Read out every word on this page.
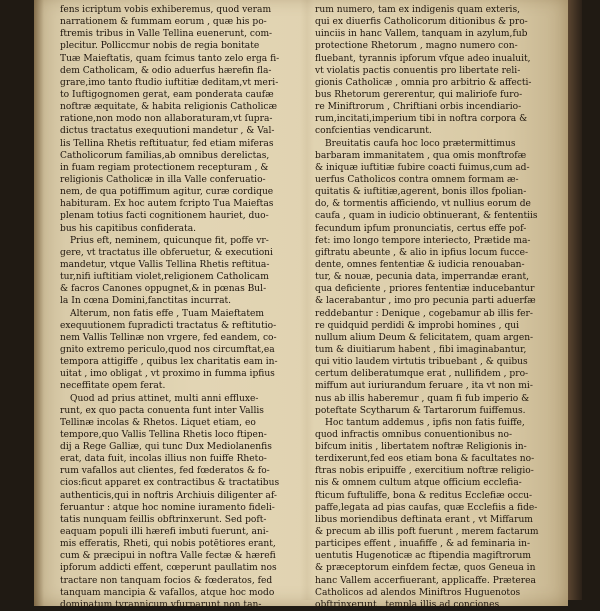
fens icriptum vobis exhiberemus, quod veram
narrationem & fummam eorum , quæ his po-
ftremis tribus in Valle Tellina euenerunt, com-
plecitur. Polliccmur nobis de regia bonitate
Tuæ Maieftatis, quam fcimus tanto zelo erga fi-
dem Catholicam, & odio aduerfus hærefin fla-
grare,imo tanto ftudio iuftitiæ deditam,vt meri-
to Iuftigognomen gerat, eam ponderata caufæ
noftræ æquitate, & habita religionis Catholicæ
ratione,non modo non allaboraturam,vt ſupra-
dictus tractatus exequutioni mandetur , & Val-
lis Tellina Rhetis reftituatur, fed etiam miferas
Catholicorum familias,ab omnibus derelictas,
in fuam regiam protectionem recepturam , &
religionis Catholicæ in illa Valle conferuatio-
nem, de qua potiffimum agitur, curæ cordique
habituram. Ex hoc autem fcripto Tua Maieftas
plenam totius facti cognitionem hauriet, duo-
bus his capitibus confiderata.
Prius eft, neminem, quicunque fit, poffe vr-
gere, vt tractatus ille obferuetur, & executioni
mandetur, vtque Vallis Tellina Rhetis reftitua-
tur,nifi iuftitiam violet,religionem Catholicam
& facros Canones oppugnet,& in pœnas Bul-
la In cœna Domini,fanctitas incurrat.
Alterum, non fatis effe , Tuam Maieftatem
exequutionem fupradicti tractatus & reftitutio-
nem Vallis Tellinæ non vrgere, fed eandem, co-
gnito extremo periculo,quod nos circumftat,ea
tempora attigiffe , quibus lex charitatis eam in-
uitat , imo obligat , vt proximo in fumma ipfius
neceffitate opem ferat.
Quod ad prius attinet, multi anni effluxe-
runt, ex quo pacta conuenta funt inter Vallis
Tellinæ incolas & Rhetos. Liquet etiam, eo
tempore,quo Vallis Tellina Rhetis loco ftipen-
dij a Rege Galliæ, qui tunc Dux Mediolanenfis
erat, data fuit, incolas illius non fuiffe Rheto-
rum vafallos aut clientes, fed fœderatos & fo-
cios:ficut apparet ex contractibus & tractatibus
authenticis,qui in noftris Archiuis diligenter af-
feruantur : atque hoc nomine iuramento fideli-
tatis nunquam feillis obftrinxerunt. Sed poft-
eaquam populi illi hærefi imbuti fuerunt, ani-
mis efferatis, Rheti, qui nobis potētiores erant,
cum & præcipui in noftra Valle fectæ & hærefi
ipforum addicti effent, cœperunt paullatim nos
tractare non tanquam focios & fœderatos, fed
tanquam mancipia & vafallos, atque hoc modo
dominatum tyrannicum vfurparunt non tan-
rum numero, tam ex indigenis quam exteris,
qui ex diuerfis Catholicorum ditionibus & pro-
uinciis in hanc Vallem, tanquam in azylum,fub
protectione Rhetorum , magno numero con-
fluebant, tyrannis ipforum vfque adeo inualuit,
vt violatis pactis conuentis pro libertate reli-
gionis Catholicæ , omnia pro arbitrio & affecti-
bus Rhetorum gererentur, qui maliriofe furo-
re Miniftrorum , Chriftiani orbis incendiario-
rum,incitati,imperium tibi in noftra corpora &
confcientias vendicarunt.
Breuitatis caufa hoc loco prætermittimus
barbaram immanitatem , qua omis monftrofæ
& iniquæ iuftitiæ fubire coacti fuimus,cum ad-
uerfus Catholicos contra omnem formam æ-
quitatis & iuftitiæ,agerent, bonis illos fpolian-
do, & tormentis afficiendo, vt nullius eorum de
caufa , quam in iudicio obtinuerant, & fententiis
fecundum ipfum pronunciatis, certus effe pof-
fet: imo longo tempore interiecto, Prætide ma-
giftratu abeunte , & alio in ipfius locum fucce-
dente, omnes fententiæ & iudicia renouaban-
tur, & nouæ, pecunia data, imperrandæ erant,
qua deficiente , priores fententiæ inducebantur
& lacerabantur , imo pro pecunia parti aduerfæ
reddebantur : Denique , cogebamur ab illis fer-
re quidquid perdidi & improbi homines , qui
nullum alium Deum & felicitatem, quam argen-
tum & diuitiarum habent , fibi imaginabantur,
qui vitio laudem virtutis tribuebant , & quibus
certum deliberatumque erat , nullifidem , pro-
miffum aut iuriurandum feruare , ita vt non mi-
nus ab illis haberemur , quam fi fub imperio &
poteftate Scytharum & Tartarorum fuiffemus.
Hoc tantum addemus , ipfis non fatis fuiffe,
quod infractis omnibus conuentionibus no-
bifcum initis , libertatem noftræ Religionis in-
terdixerunt,fed eos etiam bona & facultates no-
ftras nobis eripuiffe , exercitium noftræ religio-
nis & omnem cultum atque officium ecclefia-
fticum fuftuliffe, bona & reditus Ecclefiæ occu-
paffe,legata ad pias caufas, quæ Ecclefiis a fide-
libus moriendibus deftinata erant , vt Miffarum
& precum ab illis poft fuerunt , merem factarum
participes effent , inuafiffe , & ad feminaria in-
uentutis Hugenoticæ ac ftipendia magiftrorum
& præceptorum einfdem fectæ, quos Geneua in
hanc Vallem accerfiuerant, applicaffe. Præterea
Catholicos ad alendos Miniftros Huguenotos
obftrinxerunt , templa illis ad conciones
